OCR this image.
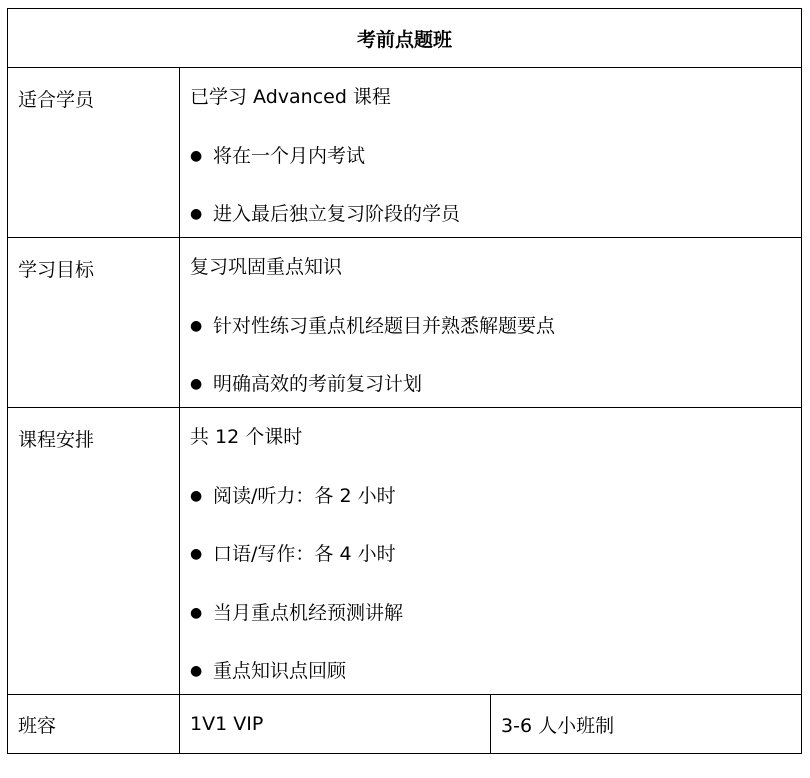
考前点题班		
适合学员	已学习 Advanced 课程
● 将在一个月内考试
● 进入最后独立复习阶段的学员	

学习目标	复习巩固重点知识
● 针对性练习重点机经题目并熟悉解题要点
● 明确高效的考前复习计划	

课程安排	共 12 个课时
● 阅读/听力：各 2 小时
● 口语/写作：各 4 小时
● 当月重点机经预测讲解
● 重点知识点回顾	

班容	1V1 VIP	3-6 人小班制
